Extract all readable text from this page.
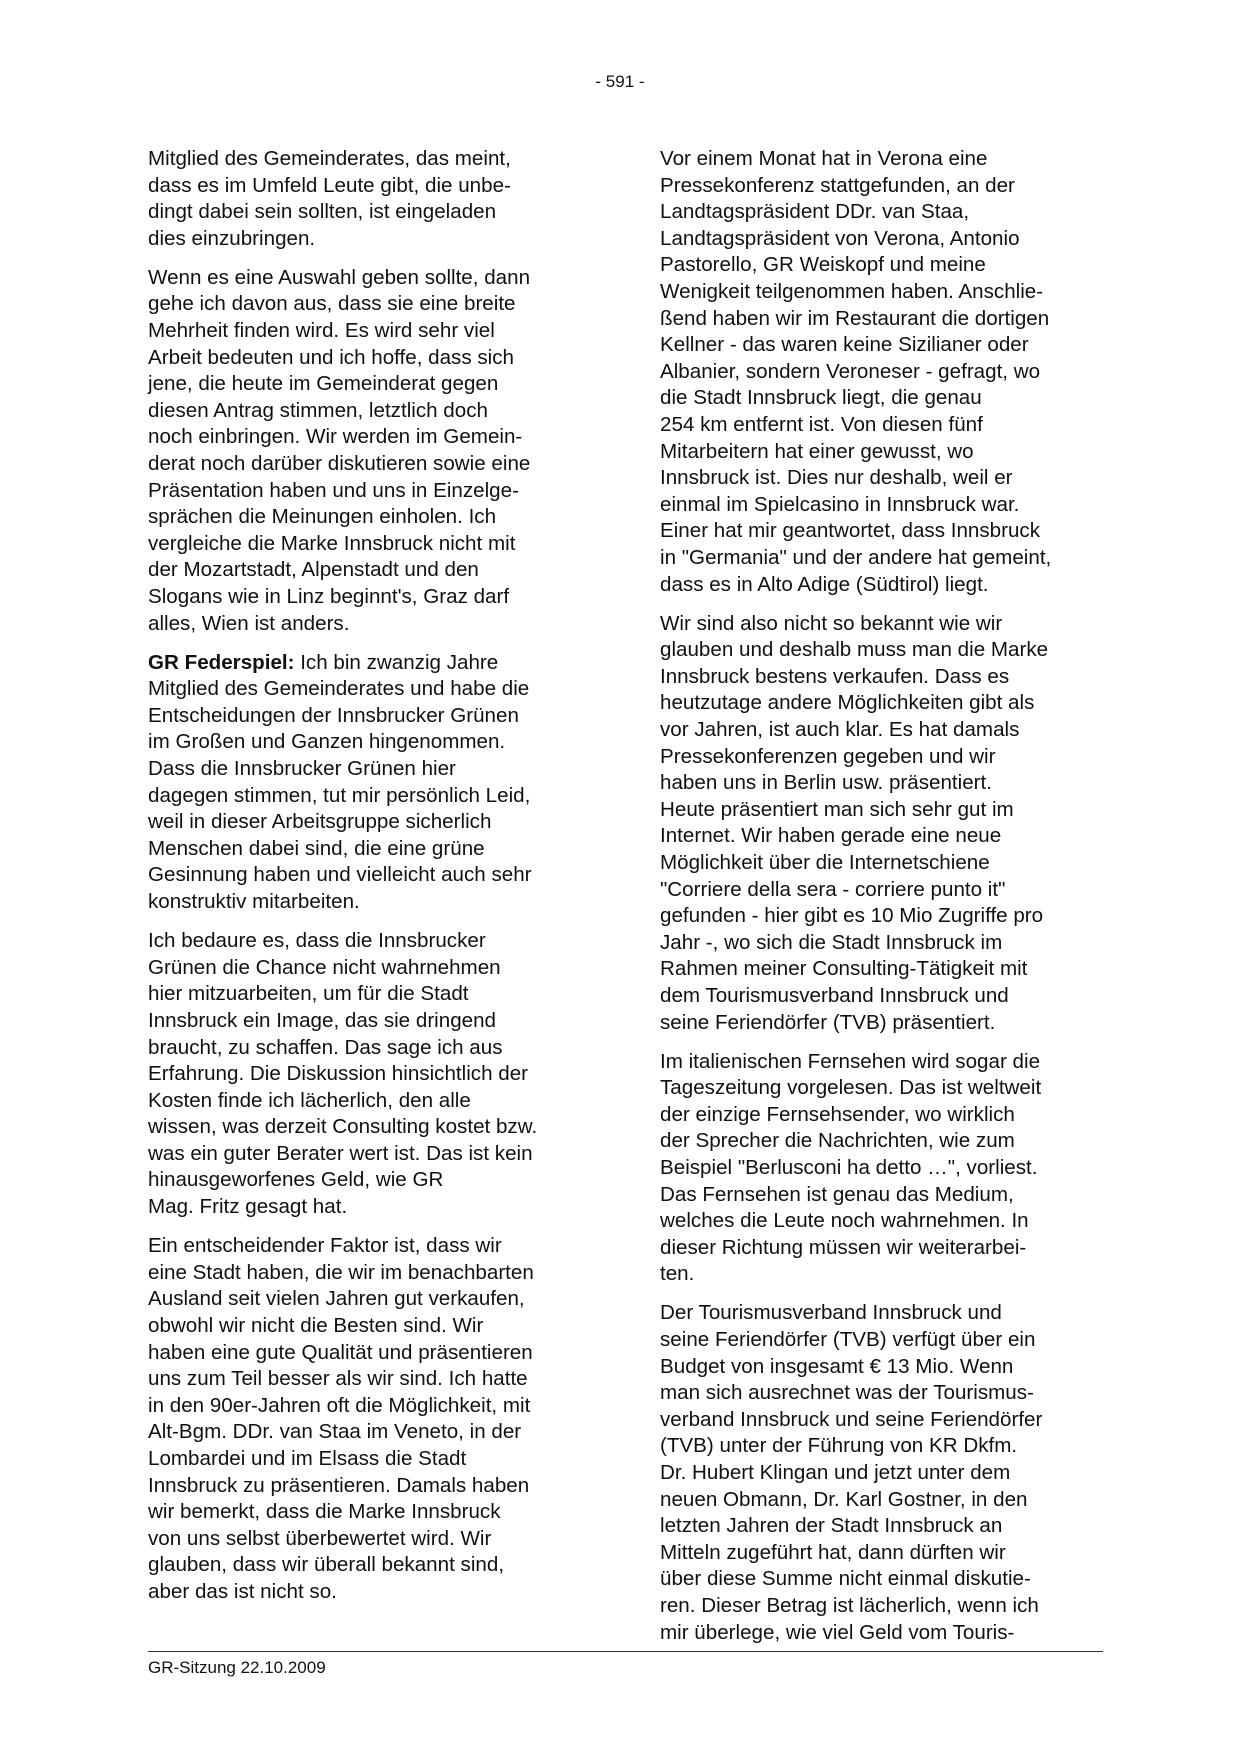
- 591 -

Mitglied des Gemeinderates, das meint,
dass es im Umfeld Leute gibt, die unbe-
dingt dabei sein sollten, ist eingeladen
dies einzubringen.

Wenn es eine Auswahl geben sollte, dann
gehe ich davon aus, dass sie eine breite
Mehrheit finden wird. Es wird sehr viel
Arbeit bedeuten und ich hoffe, dass sich
jene, die heute im Gemeinderat gegen
diesen Antrag stimmen, letztlich doch
noch einbringen. Wir werden im Gemein-
derat noch darüber diskutieren sowie eine
Präsentation haben und uns in Einzelge-
sprächen die Meinungen einholen. Ich
vergleiche die Marke Innsbruck nicht mit
der Mozartstadt, Alpenstadt und den
Slogans wie in Linz beginnt's, Graz darf
alles, Wien ist anders.

GR Federspiel: Ich bin zwanzig Jahre
Mitglied des Gemeinderates und habe die
Entscheidungen der Innsbrucker Grünen
im Großen und Ganzen hingenommen.
Dass die Innsbrucker Grünen hier
dagegen stimmen, tut mir persönlich Leid,
weil in dieser Arbeitsgruppe sicherlich
Menschen dabei sind, die eine grüne
Gesinnung haben und vielleicht auch sehr
konstruktiv mitarbeiten.

Ich bedaure es, dass die Innsbrucker
Grünen die Chance nicht wahrnehmen
hier mitzuarbeiten, um für die Stadt
Innsbruck ein Image, das sie dringend
braucht, zu schaffen. Das sage ich aus
Erfahrung. Die Diskussion hinsichtlich der
Kosten finde ich lächerlich, den alle
wissen, was derzeit Consulting kostet bzw.
was ein guter Berater wert ist. Das ist kein
hinausgeworfenes Geld, wie GR
Mag. Fritz gesagt hat.

Ein entscheidender Faktor ist, dass wir
eine Stadt haben, die wir im benachbarten
Ausland seit vielen Jahren gut verkaufen,
obwohl wir nicht die Besten sind. Wir
haben eine gute Qualität und präsentieren
uns zum Teil besser als wir sind. Ich hatte
in den 90er-Jahren oft die Möglichkeit, mit
Alt-Bgm. DDr. van Staa im Veneto, in der
Lombardei und im Elsass die Stadt
Innsbruck zu präsentieren. Damals haben
wir bemerkt, dass die Marke Innsbruck
von uns selbst überbewertet wird. Wir
glauben, dass wir überall bekannt sind,
aber das ist nicht so.

Vor einem Monat hat in Verona eine
Pressekonferenz stattgefunden, an der
Landtagspräsident DDr. van Staa,
Landtagspräsident von Verona, Antonio
Pastorello, GR Weiskopf und meine
Wenigkeit teilgenommen haben. Anschlie-
ßend haben wir im Restaurant die dortigen
Kellner - das waren keine Sizilianer oder
Albanier, sondern Veroneser - gefragt, wo
die Stadt Innsbruck liegt, die genau
254 km entfernt ist. Von diesen fünf
Mitarbeitern hat einer gewusst, wo
Innsbruck ist. Dies nur deshalb, weil er
einmal im Spielcasino in Innsbruck war.
Einer hat mir geantwortet, dass Innsbruck
in "Germania" und der andere hat gemeint,
dass es in Alto Adige (Südtirol) liegt.

Wir sind also nicht so bekannt wie wir
glauben und deshalb muss man die Marke
Innsbruck bestens verkaufen. Dass es
heutzutage andere Möglichkeiten gibt als
vor Jahren, ist auch klar. Es hat damals
Pressekonferenzen gegeben und wir
haben uns in Berlin usw. präsentiert.
Heute präsentiert man sich sehr gut im
Internet. Wir haben gerade eine neue
Möglichkeit über die Internetschiene
"Corriere della sera - corriere punto it"
gefunden - hier gibt es 10 Mio Zugriffe pro
Jahr -, wo sich die Stadt Innsbruck im
Rahmen meiner Consulting-Tätigkeit mit
dem Tourismusverband Innsbruck und
seine Feriendörfer (TVB) präsentiert.

Im italienischen Fernsehen wird sogar die
Tageszeitung vorgelesen. Das ist weltweit
der einzige Fernsehsender, wo wirklich
der Sprecher die Nachrichten, wie zum
Beispiel "Berlusconi ha detto …", vorliest.
Das Fernsehen ist genau das Medium,
welches die Leute noch wahrnehmen. In
dieser Richtung müssen wir weiterarbei-
ten.

Der Tourismusverband Innsbruck und
seine Feriendörfer (TVB) verfügt über ein
Budget von insgesamt € 13 Mio. Wenn
man sich ausrechnet was der Tourismus-
verband Innsbruck und seine Feriendörfer
(TVB) unter der Führung von KR Dkfm.
Dr. Hubert Klingan und jetzt unter dem
neuen Obmann, Dr. Karl Gostner, in den
letzten Jahren der Stadt Innsbruck an
Mitteln zugeführt hat, dann dürften wir
über diese Summe nicht einmal diskutie-
ren. Dieser Betrag ist lächerlich, wenn ich
mir überlege, wie viel Geld vom Touris-

GR-Sitzung 22.10.2009
